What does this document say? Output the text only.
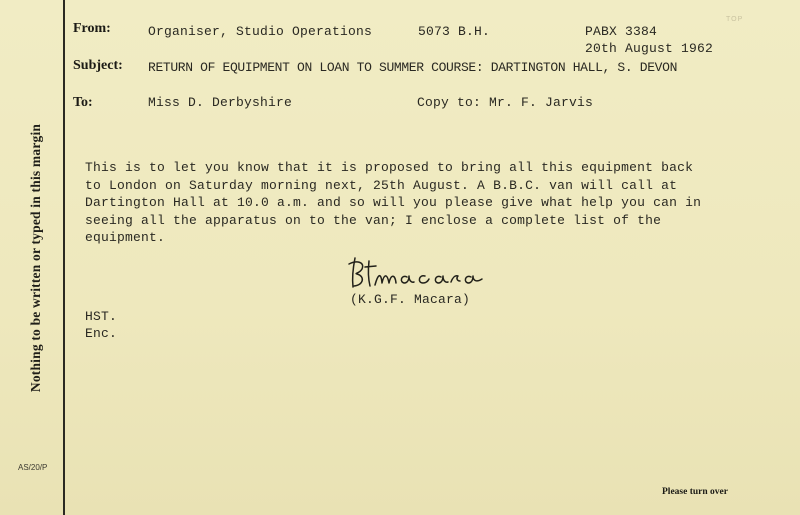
Nothing to be written or typed in this margin
AS/20/P
TOP
From:	Organiser, Studio Operations	5073 B.H.	PABX 3384
20th August 1962
Subject: RETURN OF EQUIPMENT ON LOAN TO SUMMER COURSE: DARTINGTON HALL, S. DEVON
To:	Miss D. Derbyshire	Copy to: Mr. F. Jarvis
This is to let you know that it is proposed to bring all this equipment back
to London on Saturday morning next, 25th August. A B.B.C. van will call at
Dartington Hall at 10.0 a.m. and so will you please give what help you can in
seeing all the apparatus on to the van; I enclose a complete list of the
equipment.
(K.G.F. Macara)
HST.
Enc.
Please turn over
